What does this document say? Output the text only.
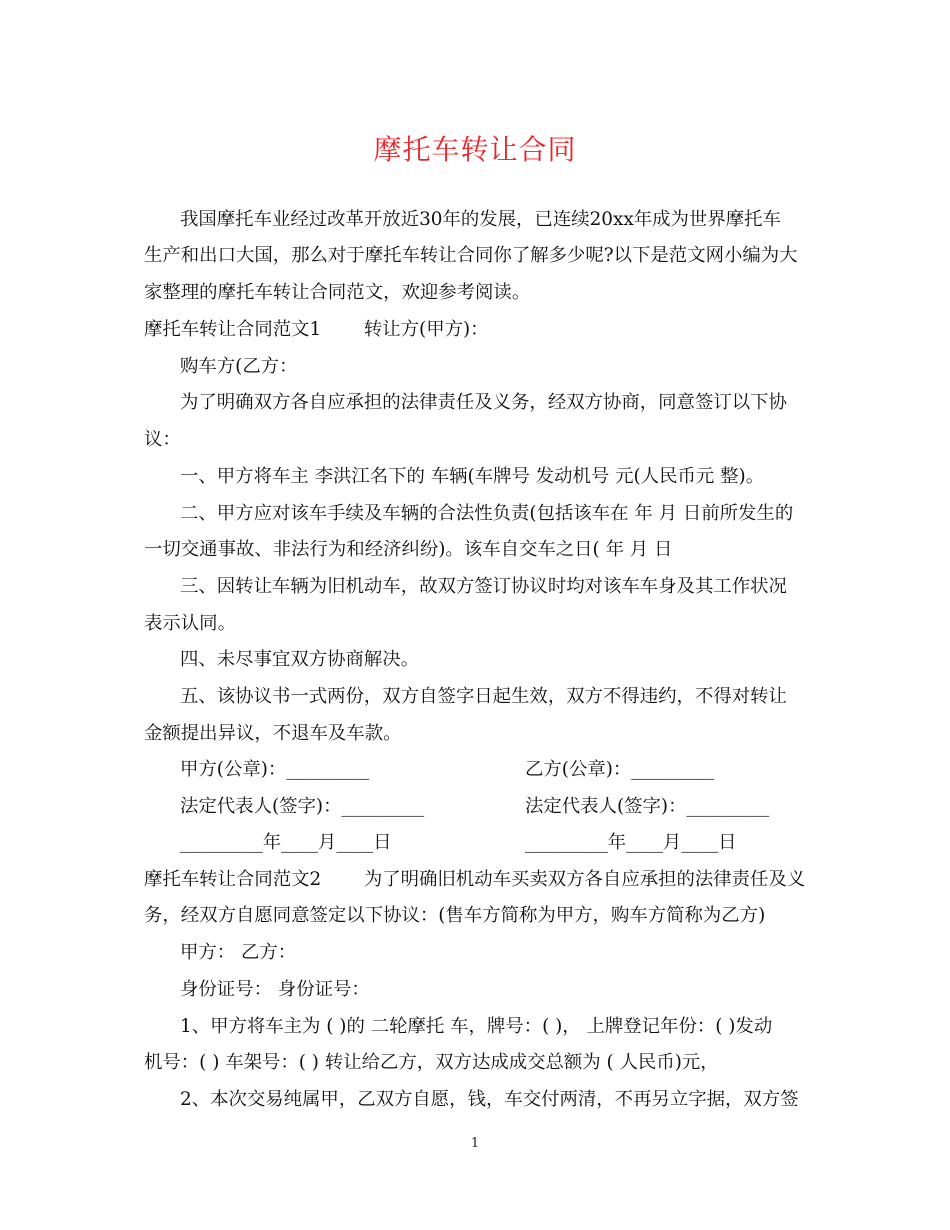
摩托车转让合同
我国摩托车业经过改革开放近30年的发展，已连续20xx年成为世界摩托车
生产和出口大国，那么对于摩托车转让合同你了解多少呢?以下是范文网小编为大
家整理的摩托车转让合同范文，欢迎参考阅读。
摩托车转让合同范文1　　 转让方(甲方)：
购车方(乙方：
为了明确双方各自应承担的法律责任及义务，经双方协商，同意签订以下协
议：
一、甲方将车主 李洪江名下的 车辆(车牌号 发动机号 元(人民币元 整)。
二、甲方应对该车手续及车辆的合法性负责(包括该车在 年 月 日前所发生的
一切交通事故、非法行为和经济纠纷)。该车自交车之日( 年 月 日
三、因转让车辆为旧机动车，故双方签订协议时均对该车车身及其工作状况
表示认同。
四、未尽事宜双方协商解决。
五、该协议书一式两份，双方自签字日起生效，双方不得违约，不得对转让
金额提出异议，不退车及车款。
甲方(公章)：_________	乙方(公章)：_________
法定代表人(签字)：_________	法定代表人(签字)：_________
_________年____月____日	_________年____月____日
摩托车转让合同范文2　　 为了明确旧机动车买卖双方各自应承担的法律责任及义
务，经双方自愿同意签定以下协议：(售车方简称为甲方，购车方简称为乙方)
甲方： 乙方：
身份证号： 身份证号：
1、甲方将车主为 ( )的 二轮摩托 车，牌号：( )， 上牌登记年份：( )发动
机号：( ) 车架号：( ) 转让给乙方，双方达成成交总额为 ( 人民币)元，
2、本次交易纯属甲，乙双方自愿，钱，车交付两清，不再另立字据，双方签
1
